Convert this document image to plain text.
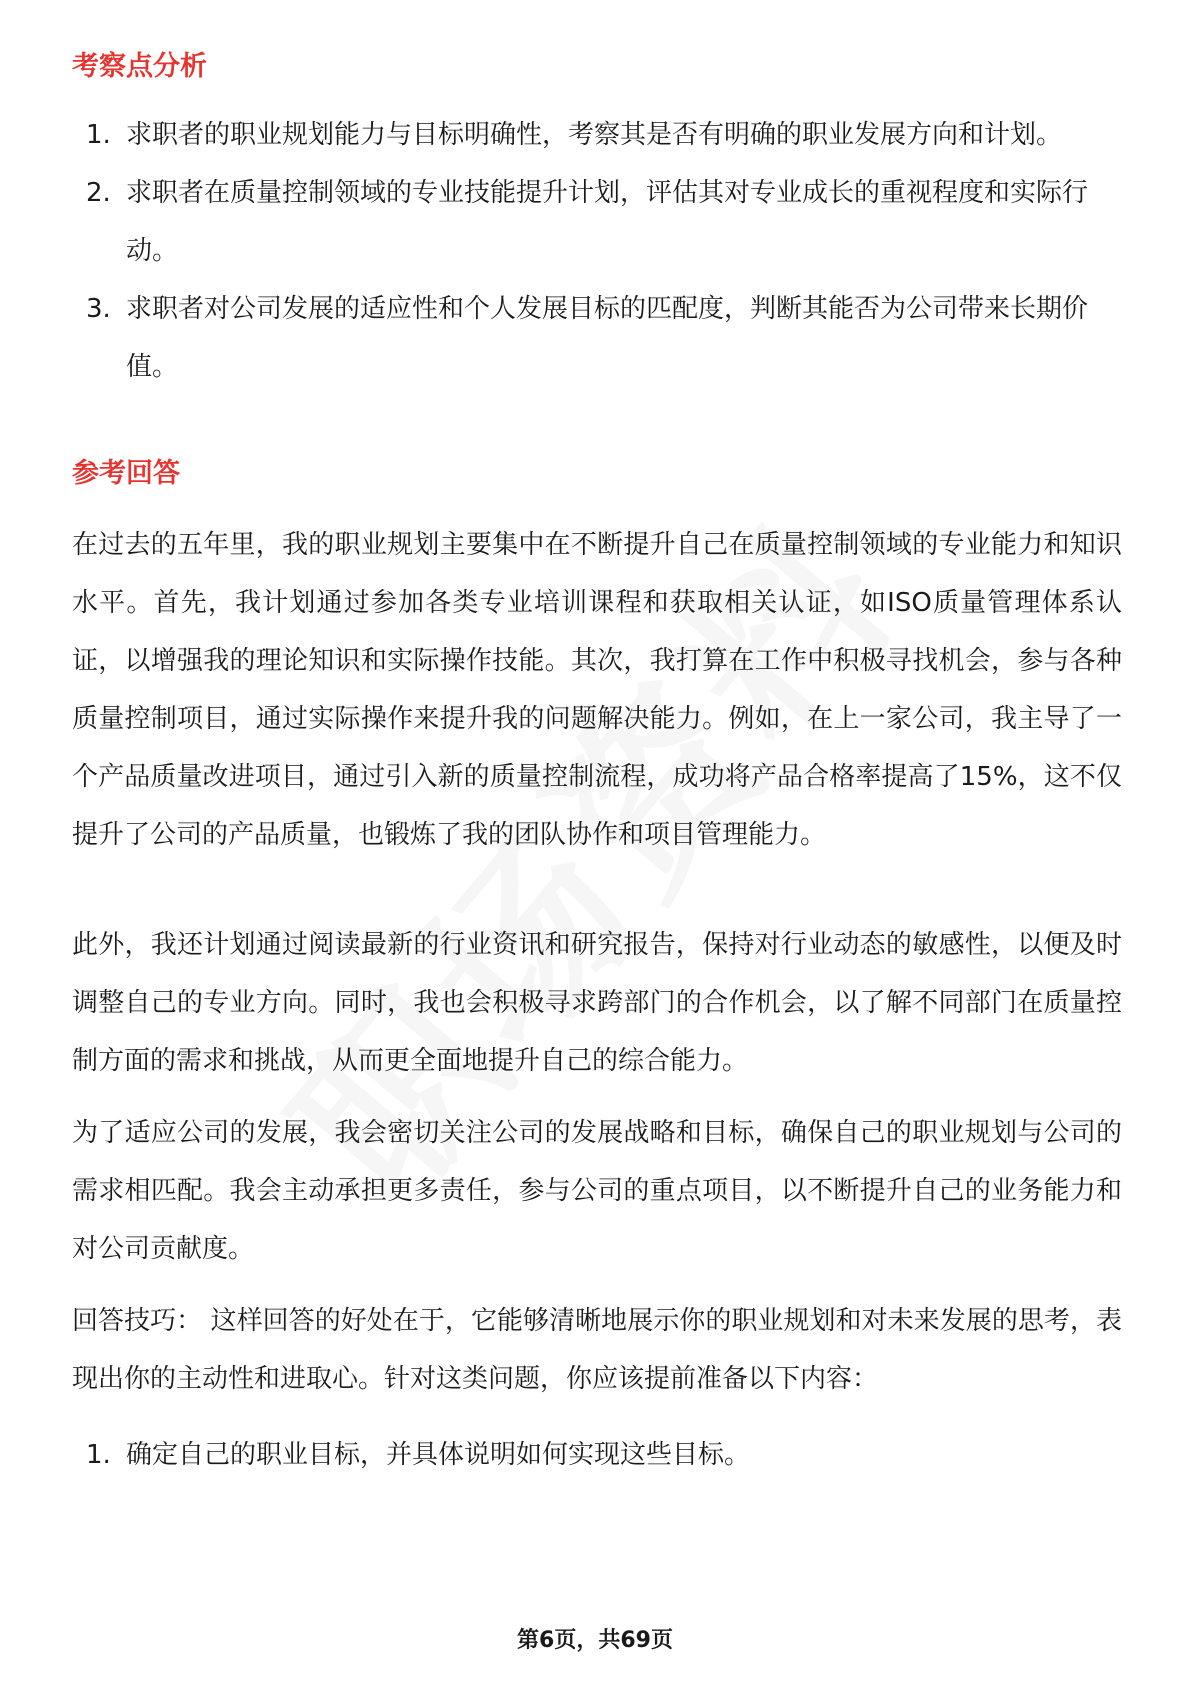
考察点分析
1. 求职者的职业规划能力与目标明确性，考察其是否有明确的职业发展方向和计划。
2. 求职者在质量控制领域的专业技能提升计划，评估其对专业成长的重视程度和实际行动。
3. 求职者对公司发展的适应性和个人发展目标的匹配度，判断其能否为公司带来长期价值。
参考回答

在过去的五年里，我的职业规划主要集中在不断提升自己在质量控制领域的专业能力和知识水平。首先，我计划通过参加各类专业培训课程和获取相关认证，如ISO质量管理体系认证，以增强我的理论知识和实际操作技能。其次，我打算在工作中积极寻找机会，参与各种质量控制项目，通过实际操作来提升我的问题解决能力。例如，在上一家公司，我主导了一个产品质量改进项目，通过引入新的质量控制流程，成功将产品合格率提高了15%，这不仅提升了公司的产品质量，也锻炼了我的团队协作和项目管理能力。

此外，我还计划通过阅读最新的行业资讯和研究报告，保持对行业动态的敏感性，以便及时调整自己的专业方向。同时，我也会积极寻求跨部门的合作机会，以了解不同部门在质量控制方面的需求和挑战，从而更全面地提升自己的综合能力。

为了适应公司的发展，我会密切关注公司的发展战略和目标，确保自己的职业规划与公司的需求相匹配。我会主动承担更多责任，参与公司的重点项目，以不断提升自己的业务能力和对公司贡献度。

回答技巧： 这样回答的好处在于，它能够清晰地展示你的职业规划和对未来发展的思考，表现出你的主动性和进取心。针对这类问题，你应该提前准备以下内容：

1. 确定自己的职业目标，并具体说明如何实现这些目标。
第6页，共69页
